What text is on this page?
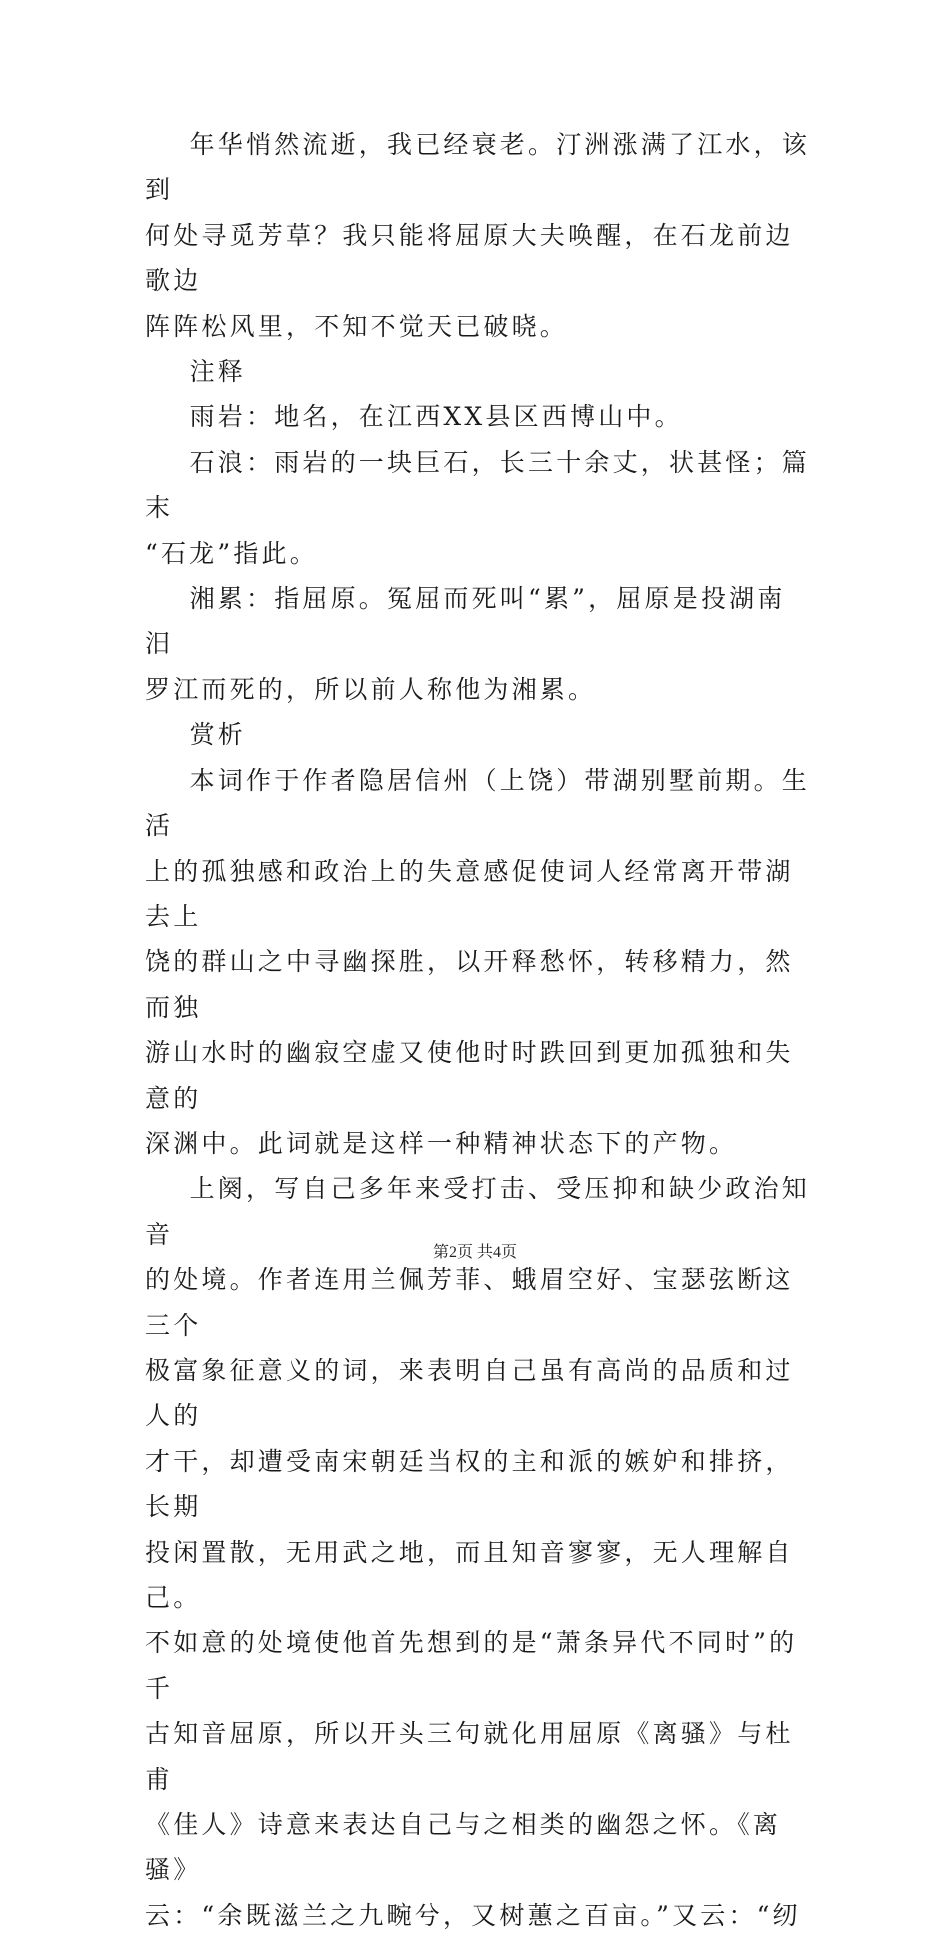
年华悄然流逝，我已经衰老。汀洲涨满了江水，该到

何处寻觅芳草？我只能将屈原大夫唤醒，在石龙前边歌边

阵阵松风里，不知不觉天已破晓。

注释

雨岩：地名，在江西XX县区西博山中。

石浪：雨岩的一块巨石，长三十余丈，状甚怪；篇末

“石龙”指此。

湘累：指屈原。冤屈而死叫“累”，屈原是投湖南汨

罗江而死的，所以前人称他为湘累。

赏析

本词作于作者隐居信州（上饶）带湖别墅前期。生活

上的孤独感和政治上的失意感促使词人经常离开带湖去上

饶的群山之中寻幽探胜，以开释愁怀，转移精力，然而独

游山水时的幽寂空虚又使他时时跌回到更加孤独和失意的

深渊中。此词就是这样一种精神状态下的产物。

上阕，写自己多年来受打击、受压抑和缺少政治知音

的处境。作者连用兰佩芳菲、蛾眉空好、宝瑟弦断这三个

极富象征意义的词，来表明自己虽有高尚的品质和过人的

才干，却遭受南宋朝廷当权的主和派的嫉妒和排挤，长期

投闲置散，无用武之地，而且知音寥寥，无人理解自己。

不如意的处境使他首先想到的是“萧条异代不同时”的千

古知音屈原，所以开头三句就化用屈原《离骚》与杜甫

《佳人》诗意来表达自己与之相类的幽怨之怀。《离骚》

云：“余既滋兰之九畹兮，又树蕙之百亩。”又云：“纫

第2页 共4页
